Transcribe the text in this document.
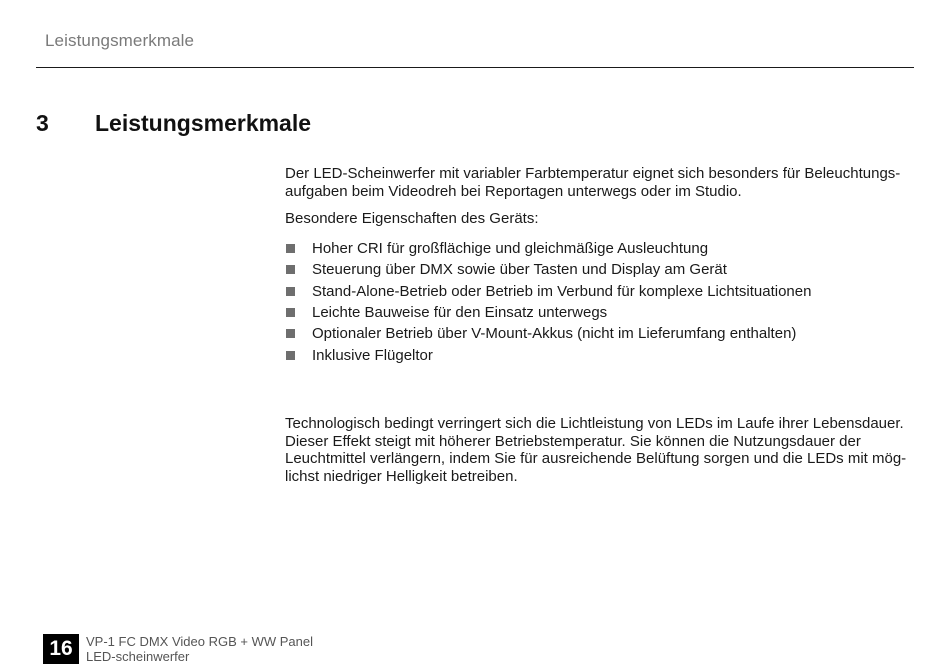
Leistungsmerkmale
3 Leistungsmerkmale

Der LED-Scheinwerfer mit variabler Farbtemperatur eignet sich besonders für Beleuchtungs-
aufgaben beim Videodreh bei Reportagen unterwegs oder im Studio.

Besondere Eigenschaften des Geräts:

Hoher CRI für großflächige und gleichmäßige Ausleuchtung
Steuerung über DMX sowie über Tasten und Display am Gerät
Stand-Alone-Betrieb oder Betrieb im Verbund für komplexe Lichtsituationen
Leichte Bauweise für den Einsatz unterwegs
Optionaler Betrieb über V-Mount-Akkus (nicht im Lieferumfang enthalten)
Inklusive Flügeltor

Technologisch bedingt verringert sich die Lichtleistung von LEDs im Laufe ihrer Lebensdauer.
Dieser Effekt steigt mit höherer Betriebstemperatur. Sie können die Nutzungsdauer der
Leuchtmittel verlängern, indem Sie für ausreichende Belüftung sorgen und die LEDs mit mög-
lichst niedriger Helligkeit betreiben.

16	VP-1 FC DMX Video RGB + WW Panel
LED-scheinwerfer
